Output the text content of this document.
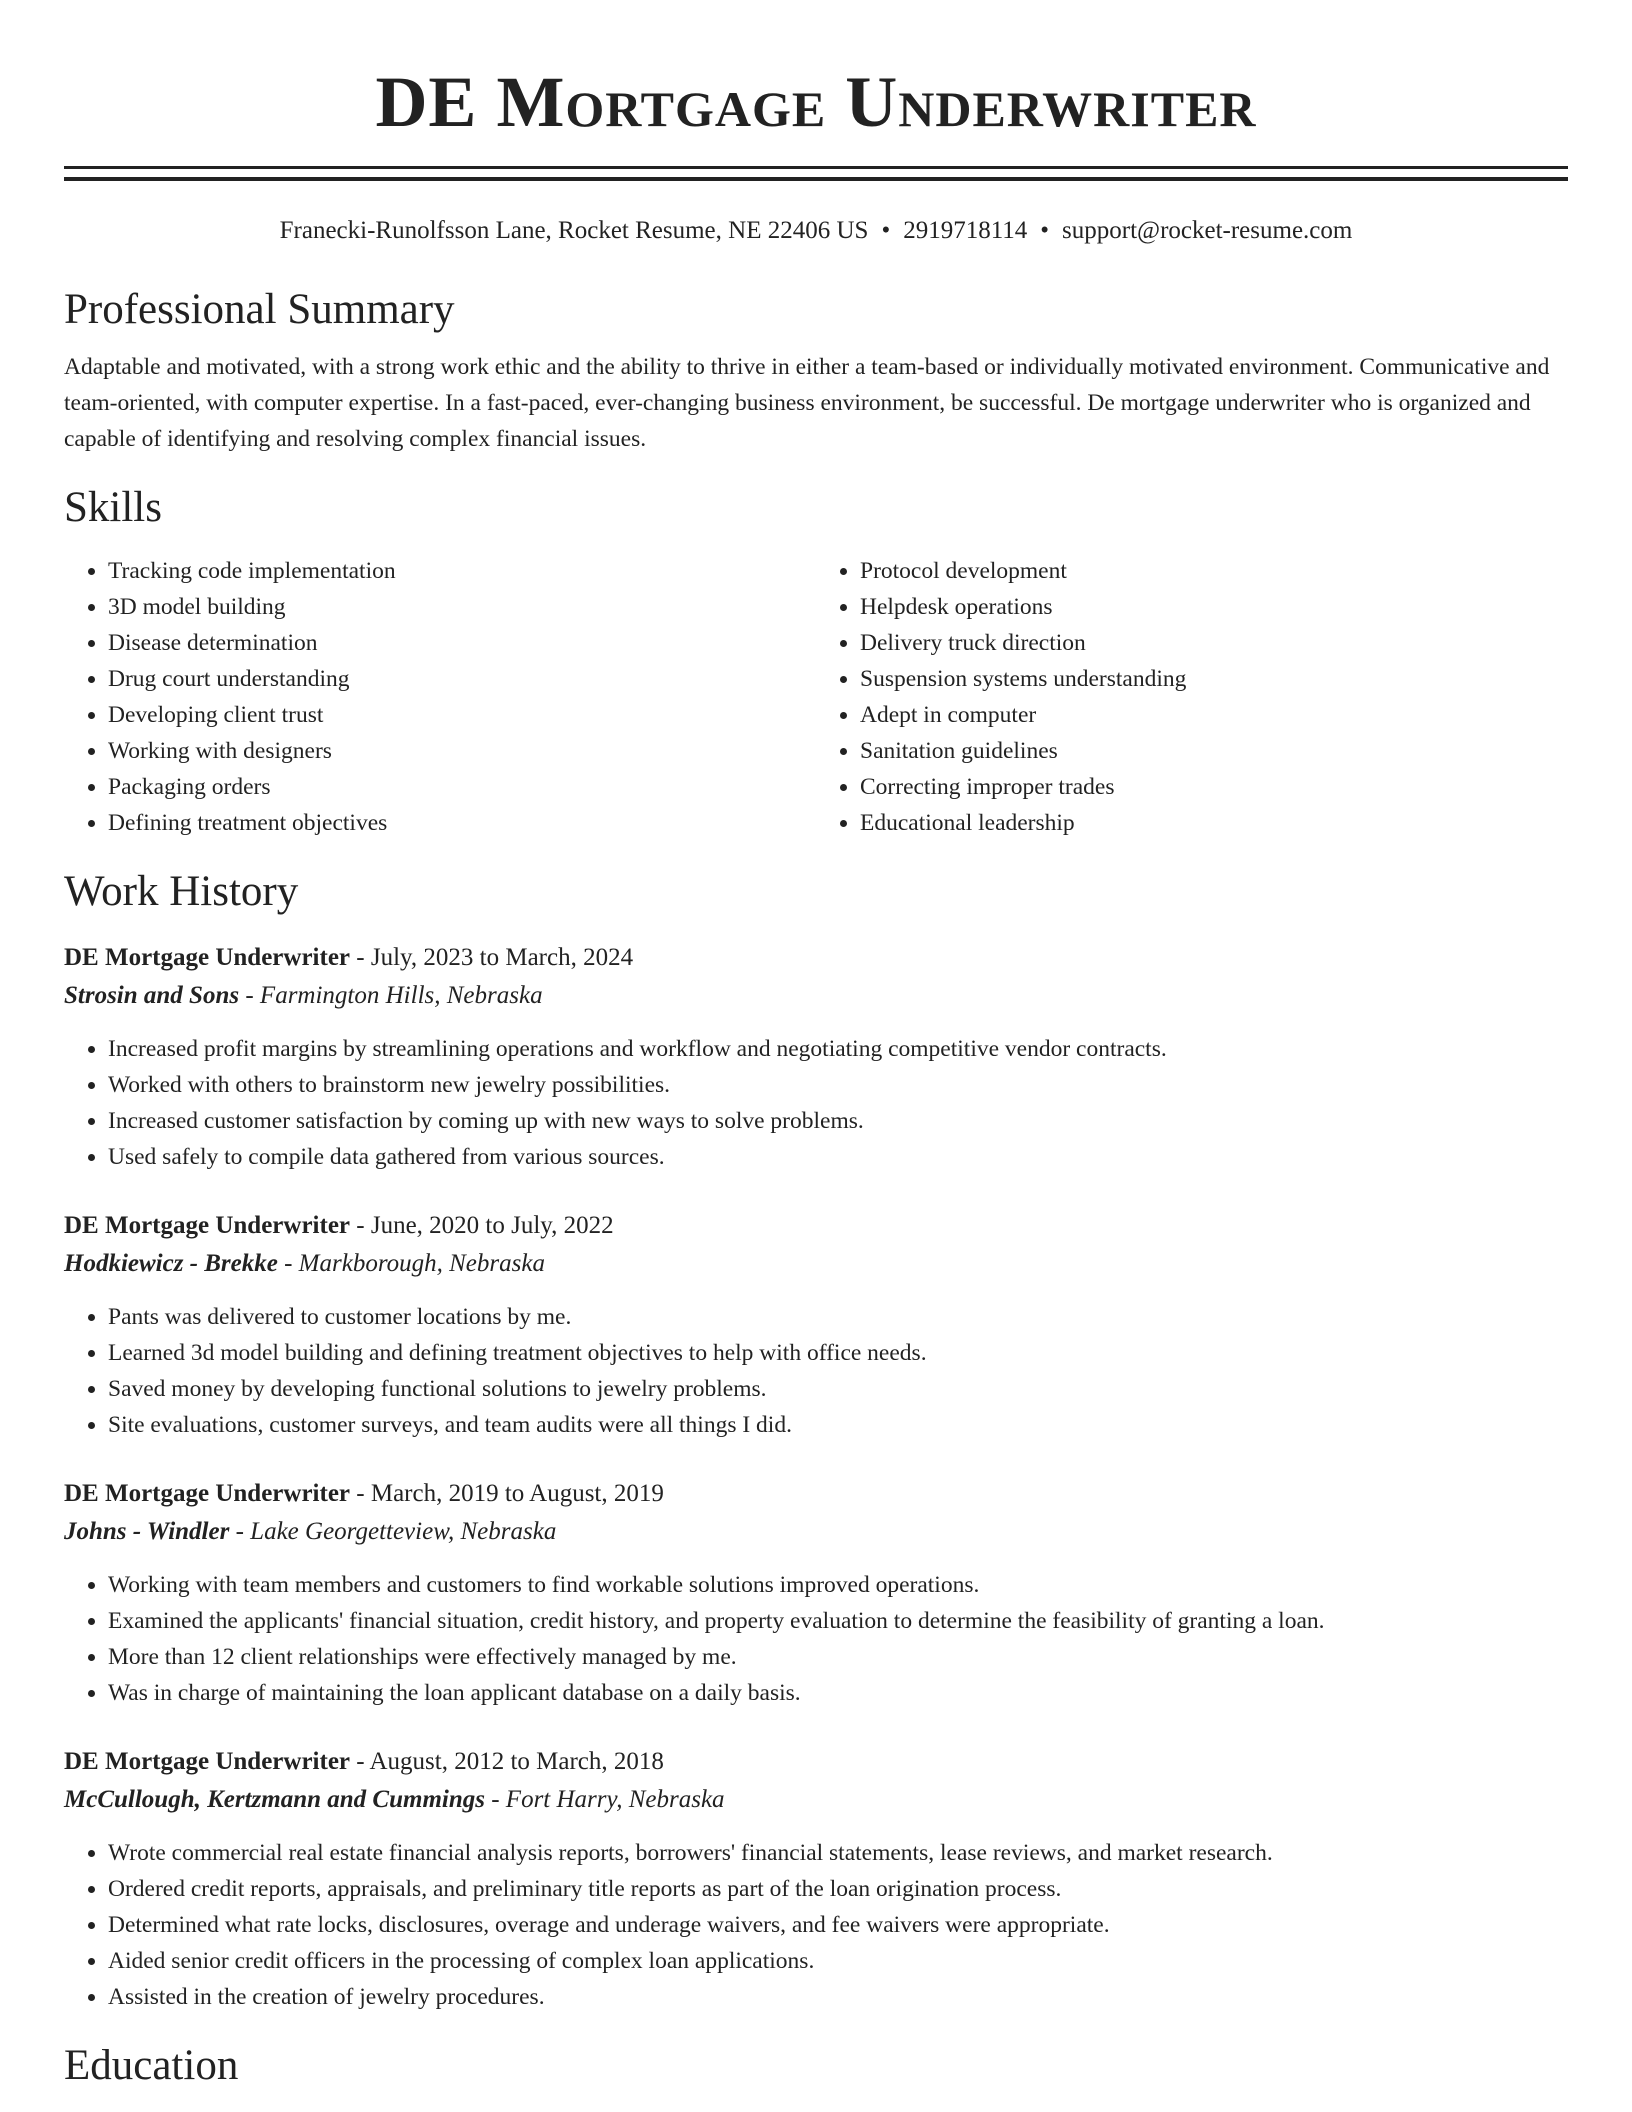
DE Mortgage Underwriter
Franecki-Runolfsson Lane, Rocket Resume, NE 22406 US • 2919718114 • support@rocket-resume.com
Professional Summary

Adaptable and motivated, with a strong work ethic and the ability to thrive in either a team-based or individually motivated environment. Communicative and team-oriented, with computer expertise. In a fast-paced, ever-changing business environment, be successful. De mortgage underwriter who is organized and capable of identifying and resolving complex financial issues.

Skills
• Tracking code implementation
• 3D model building
• Disease determination
• Drug court understanding
• Developing client trust
• Working with designers
• Packaging orders
• Defining treatment objectives
• Protocol development
• Helpdesk operations
• Delivery truck direction
• Suspension systems understanding
• Adept in computer
• Sanitation guidelines
• Correcting improper trades
• Educational leadership
Work History
DE Mortgage Underwriter - July, 2023 to March, 2024
Strosin and Sons - Farmington Hills, Nebraska
• Increased profit margins by streamlining operations and workflow and negotiating competitive vendor contracts.
• Worked with others to brainstorm new jewelry possibilities.
• Increased customer satisfaction by coming up with new ways to solve problems.
• Used safely to compile data gathered from various sources.
DE Mortgage Underwriter - June, 2020 to July, 2022
Hodkiewicz - Brekke - Markborough, Nebraska
• Pants was delivered to customer locations by me.
• Learned 3d model building and defining treatment objectives to help with office needs.
• Saved money by developing functional solutions to jewelry problems.
• Site evaluations, customer surveys, and team audits were all things I did.
DE Mortgage Underwriter - March, 2019 to August, 2019
Johns - Windler - Lake Georgetteview, Nebraska
• Working with team members and customers to find workable solutions improved operations.
• Examined the applicants' financial situation, credit history, and property evaluation to determine the feasibility of granting a loan.
• More than 12 client relationships were effectively managed by me.
• Was in charge of maintaining the loan applicant database on a daily basis.
DE Mortgage Underwriter - August, 2012 to March, 2018
McCullough, Kertzmann and Cummings - Fort Harry, Nebraska
• Wrote commercial real estate financial analysis reports, borrowers' financial statements, lease reviews, and market research.
• Ordered credit reports, appraisals, and preliminary title reports as part of the loan origination process.
• Determined what rate locks, disclosures, overage and underage waivers, and fee waivers were appropriate.
• Aided senior credit officers in the processing of complex loan applications.
• Assisted in the creation of jewelry procedures.
Education
